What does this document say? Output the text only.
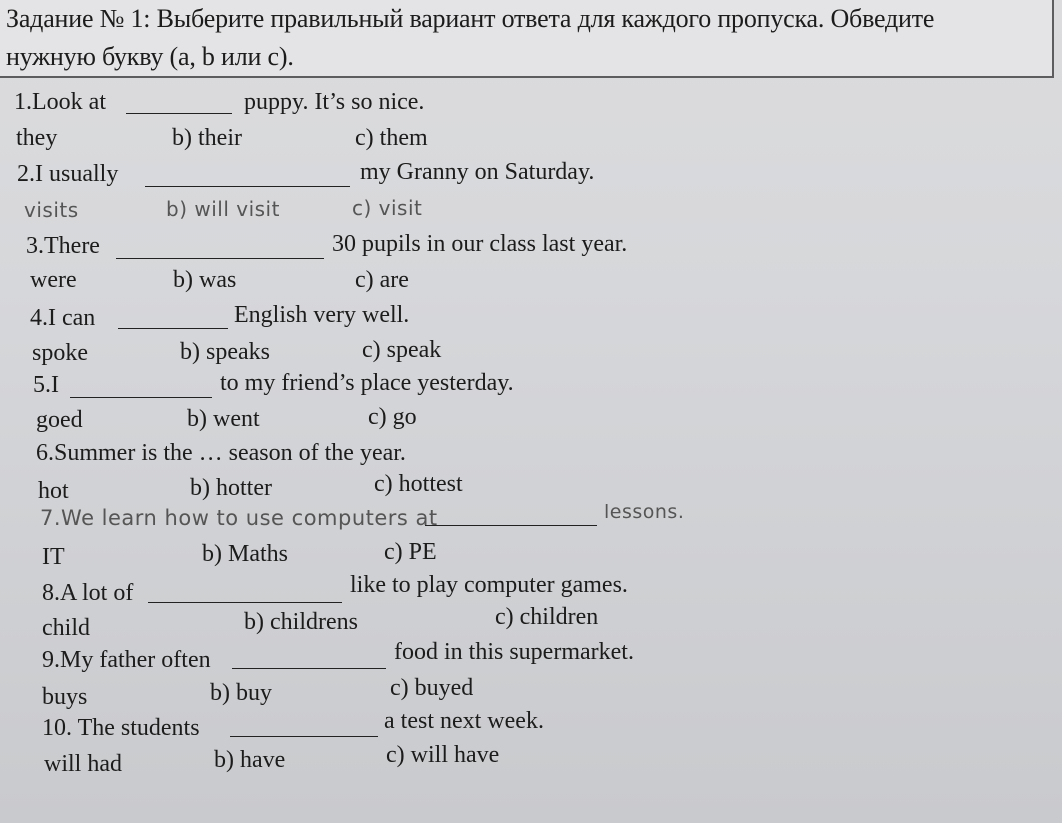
Задание № 1: Выберите правильный вариант ответа для каждого пропуска. Обведите
нужную букву (а, b или с).
1.Look at	puppy. It’s so nice.
they	b) their	c) them
2.I usually	my Granny on Saturday.
visits	b) will visit	c) visit
3.There	30 pupils in our class last year.
were	b) was	c) are
4.I can	English very well.
spoke	b) speaks	c) speak
5.I	to my friend’s place yesterday.
goed	b) went	c) go
6.Summer is the … season of the year.
hot	b) hotter	c) hottest
7.We learn how to use computers at	lessons.
IT	b) Maths	c) PE
8.A lot of	like to play computer games.
child	b) childrens	c) children
9.My father often	food in this supermarket.
buys	b) buy	c) buyed
10. The students	a test next week.
will had	b) have	c) will have
